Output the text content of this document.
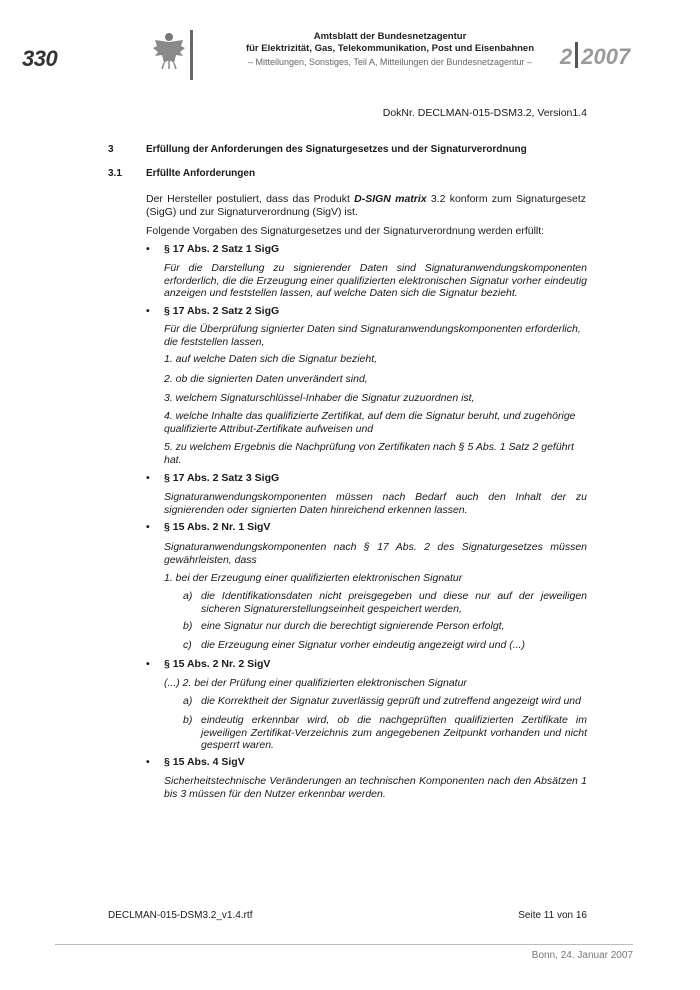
330
Amtsblatt der Bundesnetzagentur
für Elektrizität, Gas, Telekommunikation, Post und Eisenbahnen
– Mitteilungen, Sonstiges, Teil A, Mitteilungen der Bundesnetzagentur –	2 2007
DokNr. DECLMAN-015-DSM3.2, Version1.4
3	Erfüllung der Anforderungen des Signaturgesetzes und der Signaturverordnung
3.1 Erfüllte Anforderungen
Der Hersteller postuliert, dass das Produkt D-SIGN matrix 3.2 konform zum Signaturgesetz (SigG) und zur Signaturverordnung (SigV) ist.
Folgende Vorgaben des Signaturgesetzes und der Signaturverordnung werden erfüllt:
• § 17 Abs. 2 Satz 1 SigG
Für die Darstellung zu signierender Daten sind Signaturanwendungskomponenten erforderlich, die die Erzeugung einer qualifizierten elektronischen Signatur vorher eindeutig anzeigen und feststellen lassen, auf welche Daten sich die Signatur bezieht.
• § 17 Abs. 2 Satz 2 SigG
Für die Überprüfung signierter Daten sind Signaturanwendungskomponenten erforderlich, die feststellen lassen,
1. auf welche Daten sich die Signatur bezieht,
2. ob die signierten Daten unverändert sind,
3. welchem Signaturschlüssel-Inhaber die Signatur zuzuordnen ist,
4. welche Inhalte das qualifizierte Zertifikat, auf dem die Signatur beruht, und zugehörige qualifizierte Attribut-Zertifikate aufweisen und
5. zu welchem Ergebnis die Nachprüfung von Zertifikaten nach § 5 Abs. 1 Satz 2 geführt hat.
• § 17 Abs. 2 Satz 3 SigG
Signaturanwendungskomponenten müssen nach Bedarf auch den Inhalt der zu signierenden oder signierten Daten hinreichend erkennen lassen.
• § 15 Abs. 2 Nr. 1 SigV
Signaturanwendungskomponenten nach § 17 Abs. 2 des Signaturgesetzes müssen gewährleisten, dass
1. bei der Erzeugung einer qualifizierten elektronischen Signatur
a) die Identifikationsdaten nicht preisgegeben und diese nur auf der jeweiligen sicheren Signaturerstellungseinheit gespeichert werden,
b) eine Signatur nur durch die berechtigt signierende Person erfolgt,
c) die Erzeugung einer Signatur vorher eindeutig angezeigt wird und (...)
• § 15 Abs. 2 Nr. 2 SigV
(...) 2. bei der Prüfung einer qualifizierten elektronischen Signatur
a) die Korrektheit der Signatur zuverlässig geprüft und zutreffend angezeigt wird und
b) eindeutig erkennbar wird, ob die nachgeprüften qualifizierten Zertifikate im jeweiligen Zertifikat-Verzeichnis zum angegebenen Zeitpunkt vorhanden und nicht gesperrt waren.
• § 15 Abs. 4 SigV
Sicherheitstechnische Veränderungen an technischen Komponenten nach den Absätzen 1 bis 3 müssen für den Nutzer erkennbar werden.
DECLMAN-015-DSM3.2_v1.4.rtf	Seite 11 von 16
Bonn, 24. Januar 2007
